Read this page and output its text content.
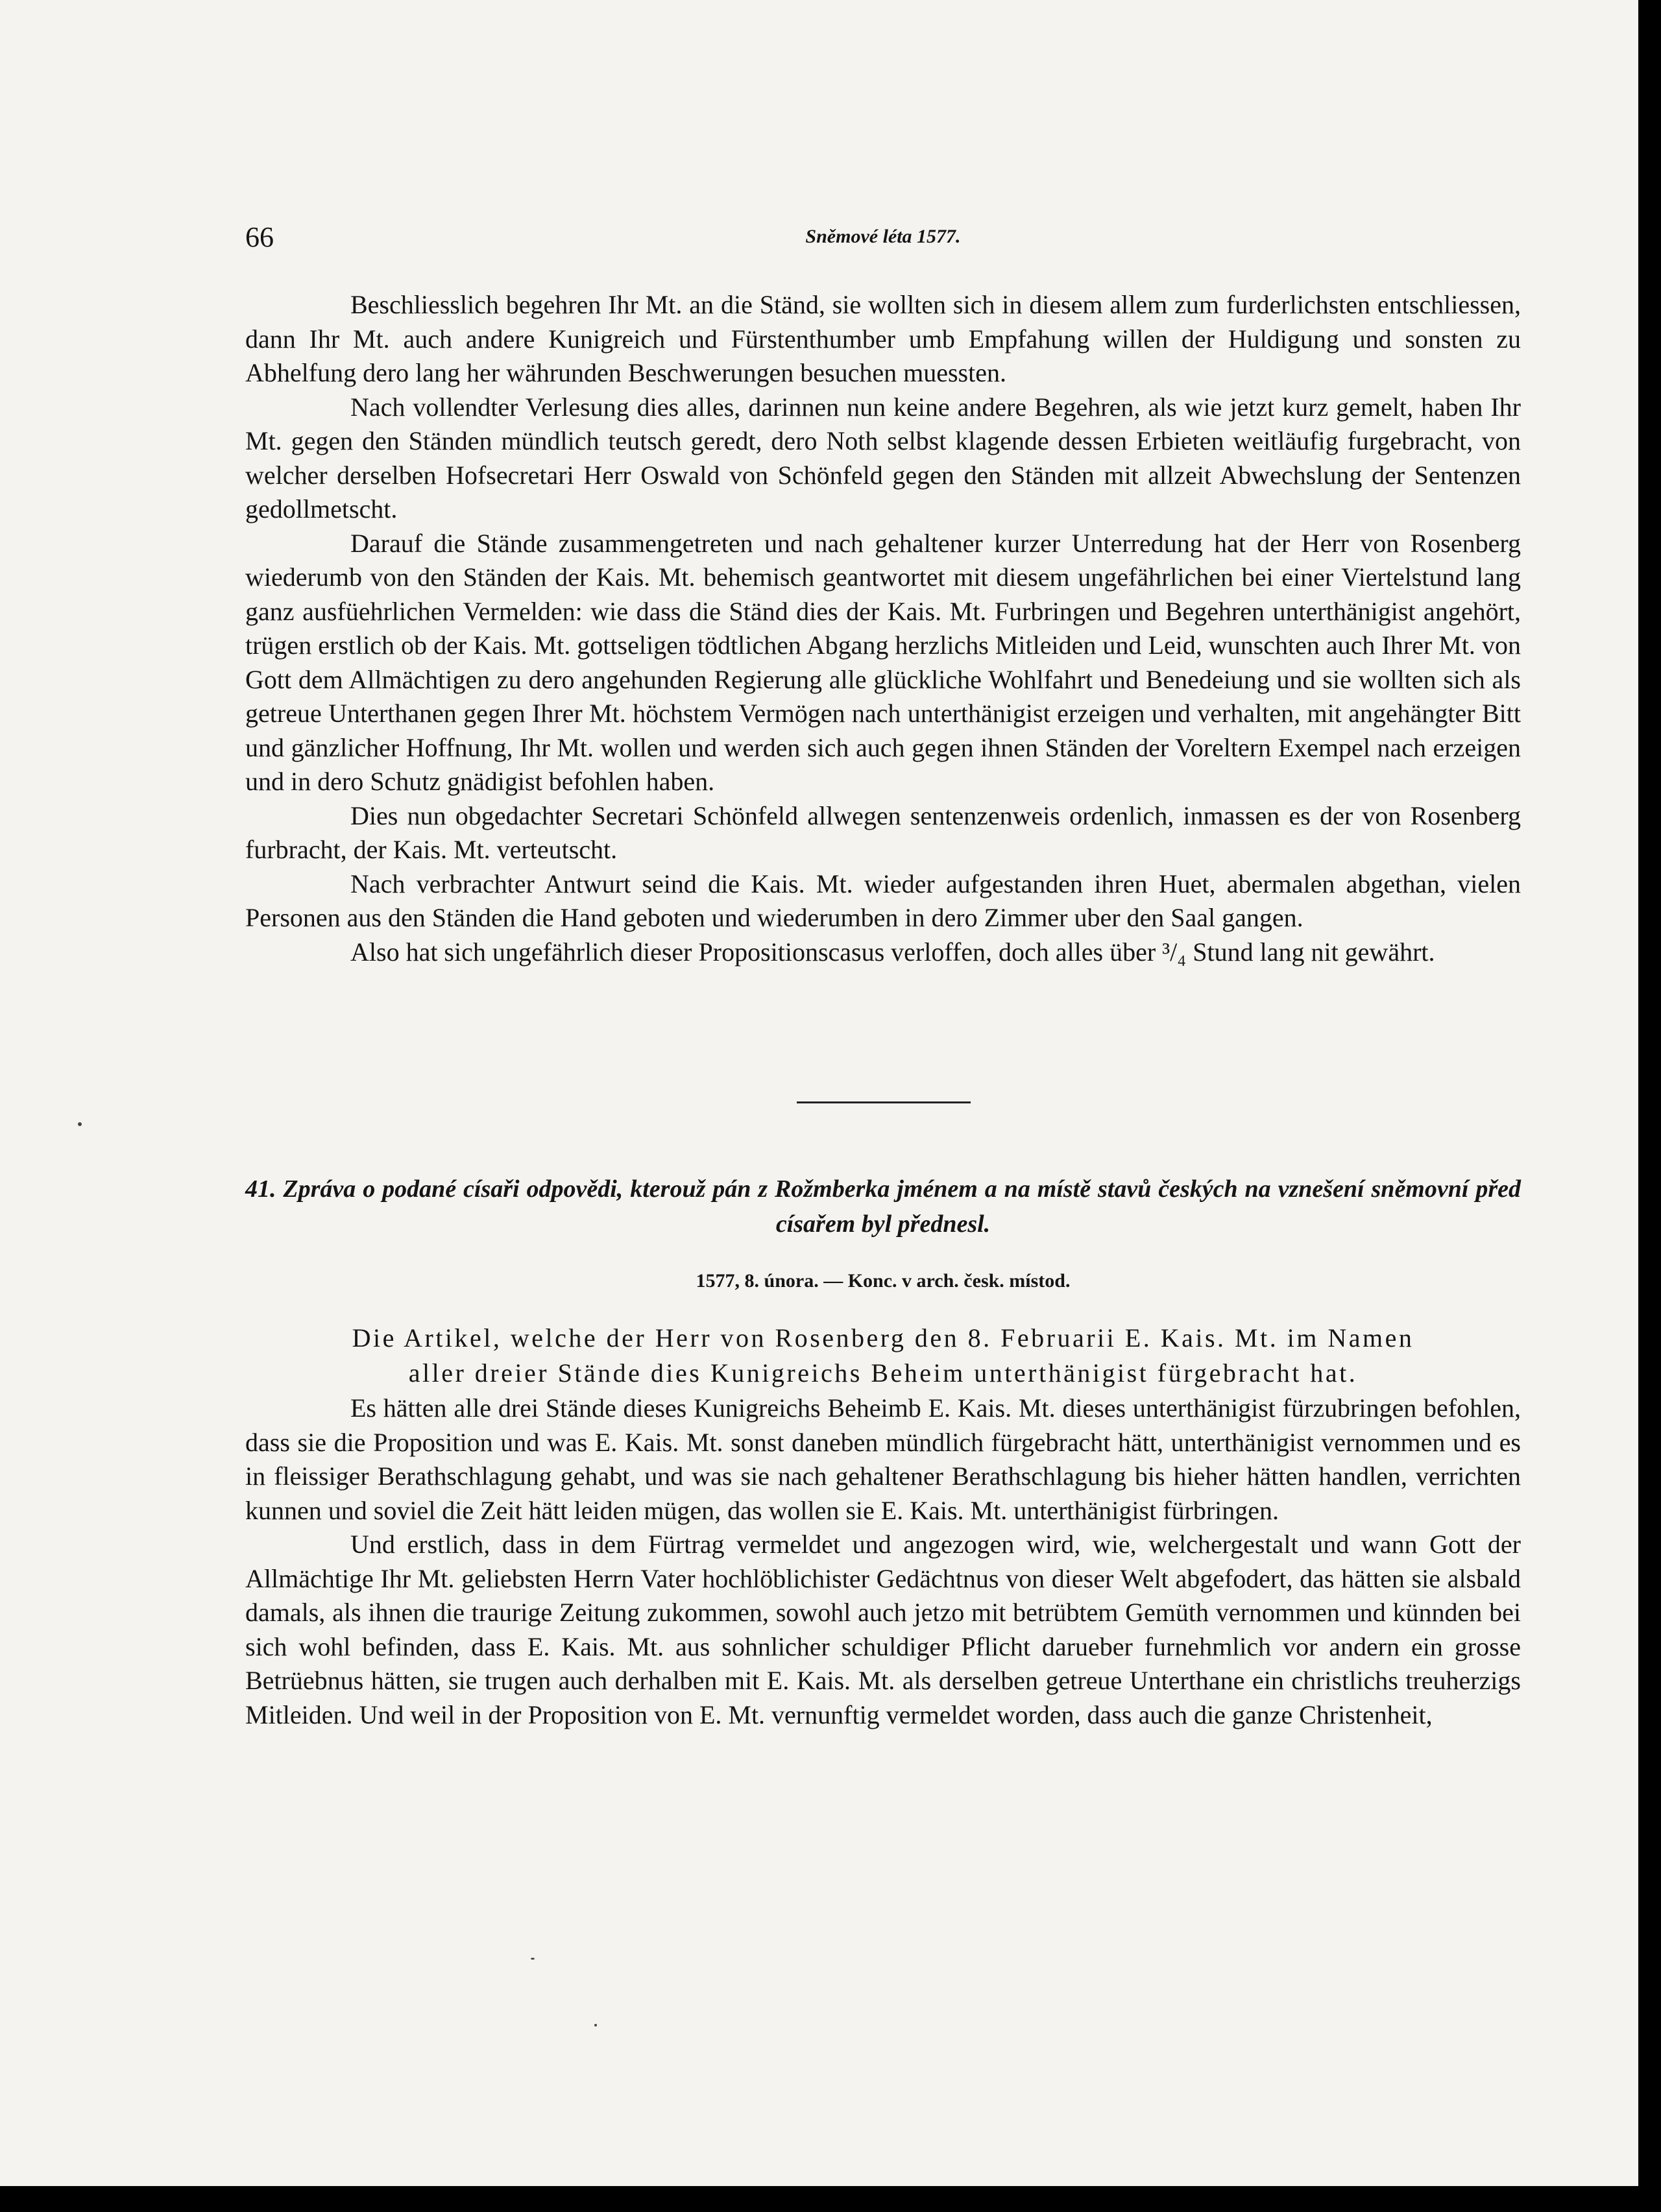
66	Sněmové léta 1577.

Beschliesslich begehren Ihr Mt. an die Ständ, sie wollten sich in diesem allem zum furderlichsten entschliessen, dann Ihr Mt. auch andere Kunigreich und Fürstenthumber umb Empfahung willen der Huldigung und sonsten zu Abhelfung dero lang her währunden Beschwerungen besuchen muessten.

Nach vollendter Verlesung dies alles, darinnen nun keine andere Begehren, als wie jetzt kurz gemelt, haben Ihr Mt. gegen den Ständen mündlich teutsch geredt, dero Noth selbst klagende dessen Erbieten weitläufig furgebracht, von welcher derselben Hofsecretari Herr Oswald von Schönfeld gegen den Ständen mit allzeit Abwechslung der Sentenzen gedollmetscht.

Darauf die Stände zusammengetreten und nach gehaltener kurzer Unterredung hat der Herr von Rosenberg wiederumb von den Ständen der Kais. Mt. behemisch geantwortet mit diesem ungefährlichen bei einer Viertelstund lang ganz ausfüehrlichen Vermelden: wie dass die Ständ dies der Kais. Mt. Furbringen und Begehren unterthänigist angehört, trügen erstlich ob der Kais. Mt. gottseligen tödtlichen Abgang herzlichs Mitleiden und Leid, wunschten auch Ihrer Mt. von Gott dem Allmächtigen zu dero angehunden Regierung alle glückliche Wohlfahrt und Benedeiung und sie wollten sich als getreue Unterthanen gegen Ihrer Mt. höchstem Vermögen nach unterthänigist erzeigen und verhalten, mit angehängter Bitt und gänzlicher Hoffnung, Ihr Mt. wollen und werden sich auch gegen ihnen Ständen der Voreltern Exempel nach erzeigen und in dero Schutz gnädigist befohlen haben.

Dies nun obgedachter Secretari Schönfeld allwegen sentenzenweis ordenlich, inmassen es der von Rosenberg furbracht, der Kais. Mt. verteutscht.

Nach verbrachter Antwurt seind die Kais. Mt. wieder aufgestanden ihren Huet, abermalen abgethan, vielen Personen aus den Ständen die Hand geboten und wiederumben in dero Zimmer uber den Saal gangen.

Also hat sich ungefährlich dieser Propositionscasus verloffen, doch alles über ³/₄ Stund lang nit gewährt.

41. Zpráva o podané císaři odpovědi, kterouž pán z Rožmberka jménem a na místě stavů českých na vznešení sněmovní před císařem byl přednesl.
1577, 8. února. — Konc. v arch. česk. místod.
Die Artikel, welche der Herr von Rosenberg den 8. Februarii E. Kais. Mt. im Namen
aller dreier Stände dies Kunigreichs Beheim unterthänigist fürgebracht hat.

Es hätten alle drei Stände dieses Kunigreichs Beheimb E. Kais. Mt. dieses unterthänigist fürzubringen befohlen, dass sie die Proposition und was E. Kais. Mt. sonst daneben mündlich fürgebracht hätt, unterthänigist vernommen und es in fleissiger Berathschlagung gehabt, und was sie nach gehaltener Berathschlagung bis hieher hätten handlen, verrichten kunnen und soviel die Zeit hätt leiden mügen, das wollen sie E. Kais. Mt. unterthänigist fürbringen.

Und erstlich, dass in dem Fürtrag vermeldet und angezogen wird, wie, welchergestalt und wann Gott der Allmächtige Ihr Mt. geliebsten Herrn Vater hochlöblichister Gedächtnus von dieser Welt abgefodert, das hätten sie alsbald damals, als ihnen die traurige Zeitung zukommen, sowohl auch jetzo mit betrübtem Gemüth vernommen und künnden bei sich wohl befinden, dass E. Kais. Mt. aus sohnlicher schuldiger Pflicht darueber furnehmlich vor andern ein grosse Betrüebnus hätten, sie trugen auch derhalben mit E. Kais. Mt. als derselben getreue Unterthane ein christlichs treuherzigs Mitleiden. Und weil in der Proposition von E. Mt. vernunftig vermeldet worden, dass auch die ganze Christenheit,
